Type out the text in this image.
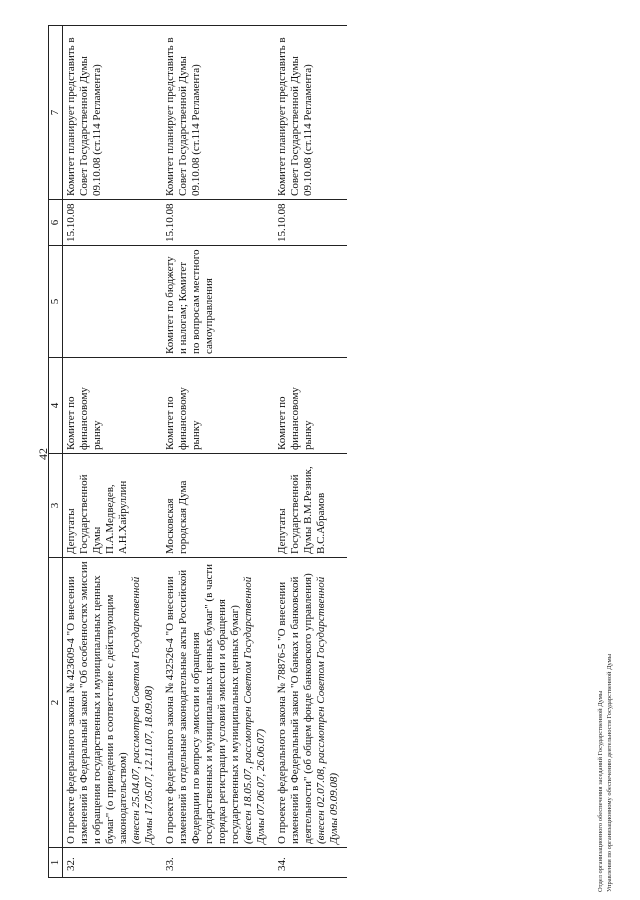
42
1	2	3	4	5	6	7
32.	О проекте федерального закона № 423609-4 "О внесении изменений в Федеральный закон "Об особенностях эмиссии и обращения государственных и муниципальных ценных бумаг" (о приведении в соответствие с действующим законодательством) (внесен 25.04.07, рассмотрен Советом Государственной Думы 17.05.07, 12.11.07, 18.09.08)	Депутаты Государственной Думы П.А.Медведев, А.Н.Хайруллин	Комитет по финансовому рынку		15.10.08	Комитет планирует представить в Совет Государственной Думы 09.10.08 (ст.114 Регламента)
33.	О проекте федерального закона № 432526-4 "О внесении изменений в отдельные законодательные акты Российской Федерации по вопросу эмиссии и обращения государственных и муниципальных ценных бумаг" (в части порядка регистрации условий эмиссии и обращения государственных и муниципальных ценных бумаг) (внесен 18.05.07, рассмотрен Советом Государственной Думы 07.06.07, 26.06.07)	Московская городская Дума	Комитет по финансовому рынку	Комитет по бюджету и налогам; Комитет по вопросам местного самоуправления	15.10.08	Комитет планирует представить в Совет Государственной Думы 09.10.08 (ст.114 Регламента)
34.	О проекте федерального закона № 78876-5 "О внесении изменений в Федеральный закон "О банках и банковской деятельности" (об общем фонде банковского управления) (внесен 02.07.08, рассмотрен Советом Государственной Думы 09.09.08)	Депутаты Государственной Думы В.М.Резник, В.С.Абрамов	Комитет по финансовому рынку		15.10.08	Комитет планирует представить в Совет Государственной Думы 09.10.08 (ст.114 Регламента)
Отдел организационного обеспечения заседаний Государственной Думы Управления по организационному обеспечению деятельности Государственной Думы
